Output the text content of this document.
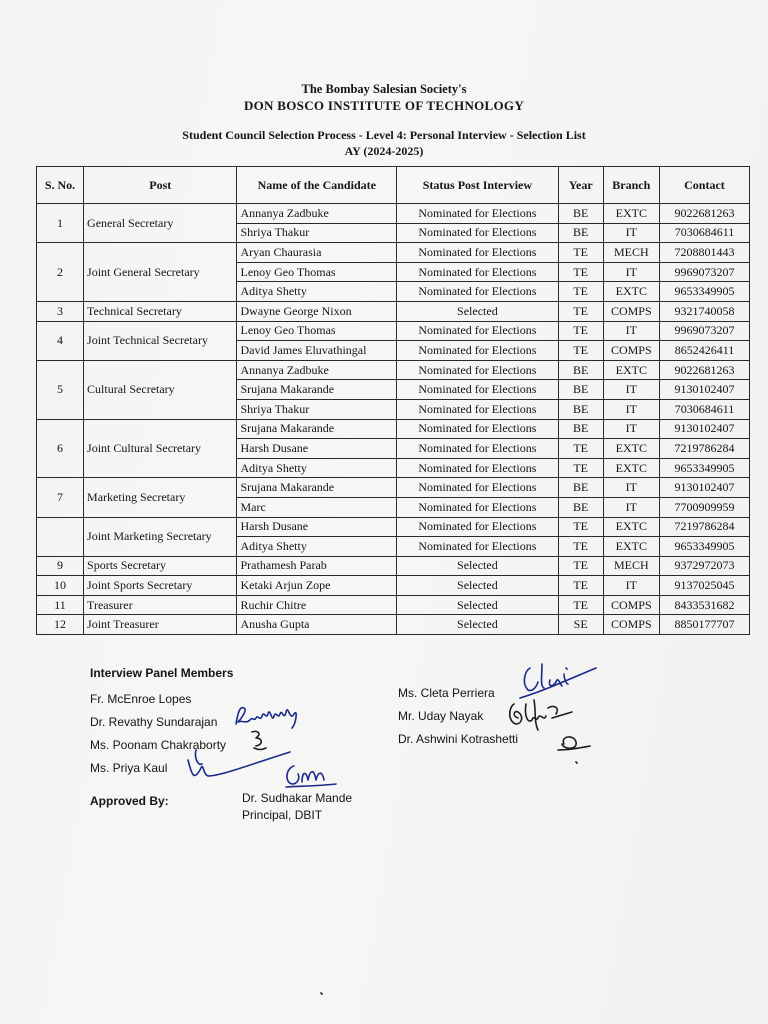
The Bombay Salesian Society's
DON BOSCO INSTITUTE OF TECHNOLOGY
Student Council Selection Process - Level 4: Personal Interview - Selection List
AY (2024-2025)
S. No.	Post	Name of the Candidate	Status Post Interview	Year	Branch	Contact
1	General Secretary	Annanya Zadbuke	Nominated for Elections	BE	EXTC	9022681263
		Shriya Thakur	Nominated for Elections	BE	IT	7030684611
2	Joint General Secretary	Aryan Chaurasia	Nominated for Elections	TE	MECH	7208801443
		Lenoy Geo Thomas	Nominated for Elections	TE	IT	9969073207
		Aditya Shetty	Nominated for Elections	TE	EXTC	9653349905
3	Technical Secretary	Dwayne George Nixon	Selected	TE	COMPS	9321740058
4	Joint Technical Secretary	Lenoy Geo Thomas	Nominated for Elections	TE	IT	9969073207
		David James Eluvathingal	Nominated for Elections	TE	COMPS	8652426411
5	Cultural Secretary	Annanya Zadbuke	Nominated for Elections	BE	EXTC	9022681263
		Srujana Makarande	Nominated for Elections	BE	IT	9130102407
		Shriya Thakur	Nominated for Elections	BE	IT	7030684611
6	Joint Cultural Secretary	Srujana Makarande	Nominated for Elections	BE	IT	9130102407
		Harsh Dusane	Nominated for Elections	TE	EXTC	7219786284
		Aditya Shetty	Nominated for Elections	TE	EXTC	9653349905
7	Marketing Secretary	Srujana Makarande	Nominated for Elections	BE	IT	9130102407
		Marc	Nominated for Elections	BE	IT	7700909959
	Joint Marketing Secretary	Harsh Dusane	Nominated for Elections	TE	EXTC	7219786284
		Aditya Shetty	Nominated for Elections	TE	EXTC	9653349905
9	Sports Secretary	Prathamesh Parab	Selected	TE	MECH	9372972073
10	Joint Sports Secretary	Ketaki Arjun Zope	Selected	TE	IT	9137025045
11	Treasurer	Ruchir Chitre	Selected	TE	COMPS	8433531682
12	Joint Treasurer	Anusha Gupta	Selected	SE	COMPS	8850177707
Interview Panel Members
Fr. McEnroe Lopes
Dr. Revathy Sundarajan
Ms. Poonam Chakraborty
Ms. Priya Kaul
Ms. Cleta Perriera
Mr. Uday Nayak
Dr. Ashwini Kotrashetti
Approved By:	Dr. Sudhakar Mande
Principal, DBIT
